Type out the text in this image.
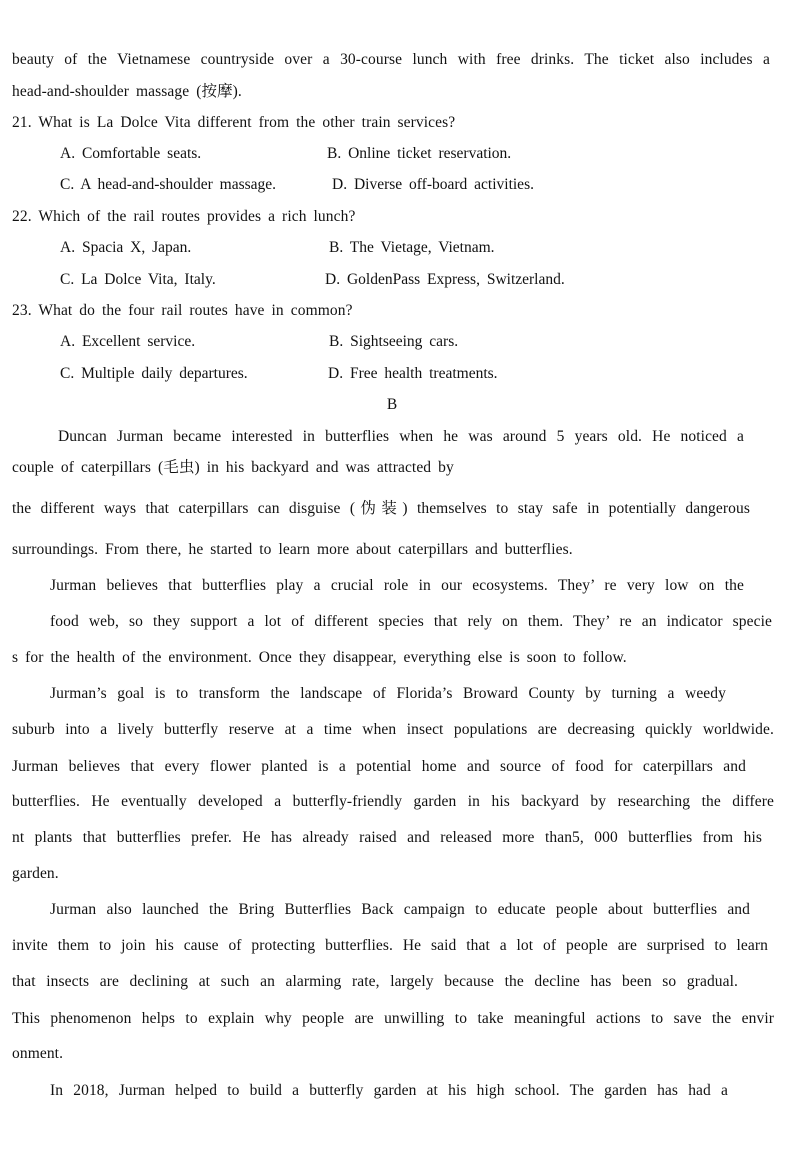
beauty of the Vietnamese countryside over a 30-course lunch with free drinks. The ticket also includes a
head-and-shoulder massage (按摩).
21. What is La Dolce Vita different from the other train services?
A. Comfortable seats.	B. Online ticket reservation.
C. A head-and-shoulder massage.	D. Diverse off-board activities.
22. Which of the rail routes provides a rich lunch?
A. Spacia X, Japan.	B. The Vietage, Vietnam.
C. La Dolce Vita, Italy.	D. GoldenPass Express, Switzerland.
23. What do the four rail routes have in common?
A. Excellent service.	B. Sightseeing cars.
C. Multiple daily departures.	D. Free health treatments.
B
Duncan Jurman became interested in butterflies when he was around 5 years old. He noticed a
couple of caterpillars (毛虫) in his backyard and was attracted by
the different ways that caterpillars can disguise (伪装) themselves to stay safe in potentially dangerous
surroundings. From there, he started to learn more about caterpillars and butterflies.
Jurman believes that butterflies play a crucial role in our ecosystems. They’ re very low on the
food web, so they support a lot of different species that rely on them. They’ re an indicator specie
s for the health of the environment. Once they disappear, everything else is soon to follow.
Jurman’s goal is to transform the landscape of Florida’s Broward County by turning a weedy
suburb into a lively butterfly reserve at a time when insect populations are decreasing quickly worldwide.
Jurman believes that every flower planted is a potential home and source of food for caterpillars and
butterflies. He eventually developed a butterfly-friendly garden in his backyard by researching the differe
nt plants that butterflies prefer. He has already raised and released more than5, 000 butterflies from his
garden.
Jurman also launched the Bring Butterflies Back campaign to educate people about butterflies and
invite them to join his cause of protecting butterflies. He said that a lot of people are surprised to learn
that insects are declining at such an alarming rate, largely because the decline has been so gradual.
This phenomenon helps to explain why people are unwilling to take meaningful actions to save the envir
onment.
In 2018, Jurman helped to build a butterfly garden at his high school. The garden has had a
